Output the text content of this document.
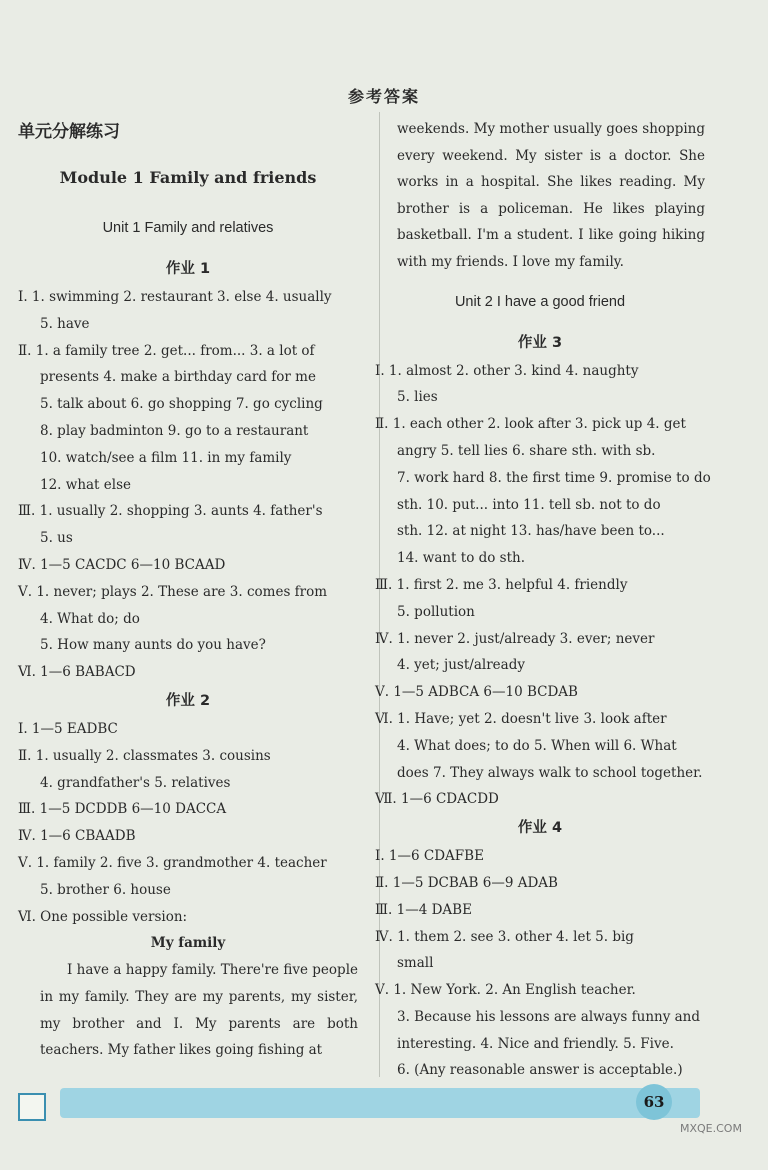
参考答案
单元分解练习
Module 1 Family and friends
Unit 1 Family and relatives
作业 1
Ⅰ. 1. swimming 2. restaurant 3. else 4. usually
5. have
Ⅱ. 1. a family tree 2. get... from... 3. a lot of
presents 4. make a birthday card for me
5. talk about 6. go shopping 7. go cycling
8. play badminton 9. go to a restaurant
10. watch/see a film 11. in my family
12. what else
Ⅲ. 1. usually 2. shopping 3. aunts 4. father's
5. us
Ⅳ. 1—5 CACDC 6—10 BCAAD
Ⅴ. 1. never; plays 2. These are 3. comes from
4. What do; do
5. How many aunts do you have?
Ⅵ. 1—6 BABACD
作业 2
Ⅰ. 1—5 EADBC
Ⅱ. 1. usually 2. classmates 3. cousins
4. grandfather's 5. relatives
Ⅲ. 1—5 DCDDB 6—10 DACCA
Ⅳ. 1—6 CBAADB
Ⅴ. 1. family 2. five 3. grandmother 4. teacher
5. brother 6. house
Ⅵ. One possible version:
My family

I have a happy family. There're five people in my family. They are my parents, my sister, my brother and I. My parents are both teachers. My father likes going fishing at

weekends. My mother usually goes shopping every weekend. My sister is a doctor. She works in a hospital. She likes reading. My brother is a policeman. He likes playing basketball. I'm a student. I like going hiking with my friends. I love my family.

Unit 2 I have a good friend
作业 3
Ⅰ. 1. almost 2. other 3. kind 4. naughty
5. lies
Ⅱ. 1. each other 2. look after 3. pick up 4. get
angry 5. tell lies 6. share sth. with sb.
7. work hard 8. the first time 9. promise to do
sth. 10. put... into 11. tell sb. not to do
sth. 12. at night 13. has/have been to...
14. want to do sth.
Ⅲ. 1. first 2. me 3. helpful 4. friendly
5. pollution
Ⅳ. 1. never 2. just/already 3. ever; never
4. yet; just/already
Ⅴ. 1—5 ADBCA 6—10 BCDAB
Ⅵ. 1. Have; yet 2. doesn't live 3. look after
4. What does; to do 5. When will 6. What
does 7. They always walk to school together.
Ⅶ. 1—6 CDACDD
作业 4
Ⅰ. 1—6 CDAFBE
Ⅱ. 1—5 DCBAB 6—9 ADAB
Ⅲ. 1—4 DABE
Ⅳ. 1. them 2. see 3. other 4. let 5. big
small
Ⅴ. 1. New York. 2. An English teacher.
3. Because his lessons are always funny and
interesting. 4. Nice and friendly. 5. Five.
6. (Any reasonable answer is acceptable.)
63
MXQE.COM
